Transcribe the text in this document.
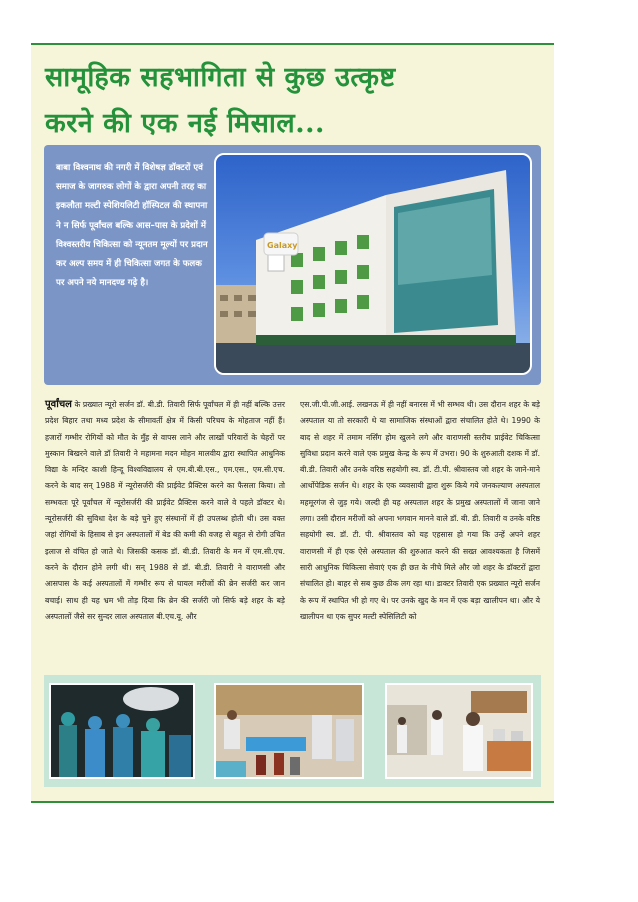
सामूहिक सहभागिता से कुछ उत्कृष्ट
करने की एक नई मिसाल...
बाबा विश्वनाथ की नगरी में विशेषज्ञ डॉक्टरों एवं समाज के जागरुक लोगों के द्वारा अपनी तरह का इकलौता मल्टी स्पेशियलिटी हॉस्पिटल की स्थापना ने न सिर्फ पूर्वांचल बल्कि आस–पास के प्रदेशों में विश्वस्तरीय चिकित्सा को न्यूनतम मूल्यों पर प्रदान कर अल्प समय में ही चिकित्सा जगत के फलक पर अपने नये मानदण्ड गढ़े है।
Galaxy
पूर्वांचल के प्रख्यात न्यूरो सर्जन डॉ. बी.डी. तिवारी सिर्फ पूर्वांचल में ही नहीं बल्कि उत्तर प्रदेश बिहार तथा मध्य प्रदेश के सीमावर्ती क्षेत्र में किसी परिचय के मोहताज नहीं हैं। हजारों गम्भीर रोगियों को मौत के मुँह से वापस लाने और लाखों परिवारों के चेहरों पर मुस्कान बिखरने वाले डॉ तिवारी ने महामना मदन मोहन मालवीय द्वारा स्थापित आधुनिक विद्या के मन्दिर काशी हिन्दू विश्वविद्यालय से एम.बी.बी.एस., एम.एस., एम.सी.एच. करने के बाद सन् 1988 में न्यूरोसर्जरी की प्राईवेट प्रैक्टिस करने का फैसला किया। तो सम्भवतः पूरे पूर्वांचल में न्यूरोसर्जरी की प्राईवेट प्रैक्टिस करने वाले वे पहले डॉक्टर थे। न्यूरोसर्जरी की सुविधा देश के बड़े चुने हुए संस्थानों में ही उपलब्ध होती थी। उस वक्त जहां रोगियों के हिसाब से इन अस्पतालों में बेड की कमी की वजह से बहुत से रोगी उचित इलाज से वंचित हो जाते थे। जिसकी कसक डॉ. बी.डी. तिवारी के मन में एम.सी.एच. करने के दौरान होने लगी थी। सन् 1988 से डॉ. बी.डी. तिवारी ने वाराणसी और आसपास के कई अस्पतालों में गम्भीर रूप से घायल मरीजों की ब्रेन सर्जरी कर जान बचाई। साथ ही यह भ्रम भी तोड़ दिया कि ब्रेन की सर्जरी जो सिर्फ बड़े शहर के बड़े अस्पतालों जैसे सर सुन्दर लाल अस्पताल बी.एच.यू. और
एस.जी.पी.जी.आई. लखनऊ में ही नहीं बनारस में भी सम्भव थी। उस दौरान शहर के बड़े अस्पताल या तो सरकारी थे या सामाजिक संस्थाओं द्वारा संचालित होते थे। 1990 के बाद से शहर में तमाम नर्सिंग होम खुलने लगे और वाराणसी स्तरीय प्राईवेट चिकित्सा सुविधा प्रदान करने वाले एक प्रमुख केन्द्र के रूप में उभरा। 90 के शुरुआती दशक में डॉ. बी.डी. तिवारी और उनके वरिष्ठ सहयोगी स्व. डॉ. टी.पी. श्रीवास्तव जो शहर के जाने-माने आर्थोपेडिक सर्जन थे। शहर के एक व्यवसायी द्वारा शुरू किये गये जनकल्याण अस्पताल महमूरगंज से जुड़ गये। जल्दी ही यह अस्पताल शहर के प्रमुख अस्पतालों में जाना जाने लगा। उसी दौरान मरीजों को अपना भगवान मानने वाले डॉ. बी. डी. तिवारी व उनके वरिष्ठ सहयोगी स्व. डॉ. टी. पी. श्रीवास्तव को यह एहसास हो गया कि उन्हें अपने शहर वाराणसी में ही एक ऐसे अस्पताल की शुरुआत करने की सख्त आवश्यकता है जिसमें सारी आधुनिक चिकित्सा सेवाएं एक ही छत के नीचे मिले और जो शहर के डॉक्टरों द्वारा संचालित हो। बाहर से सब कुछ ठीक लग रहा था। डाक्टर तिवारी एक प्रख्यात न्यूरो सर्जन के रूप में स्थापित भी हो गए थे। पर उनके खुद के मन में एक बड़ा खालीपन था। और ये खालीपन था एक सुपर मल्टी स्पेसिलिटी को
